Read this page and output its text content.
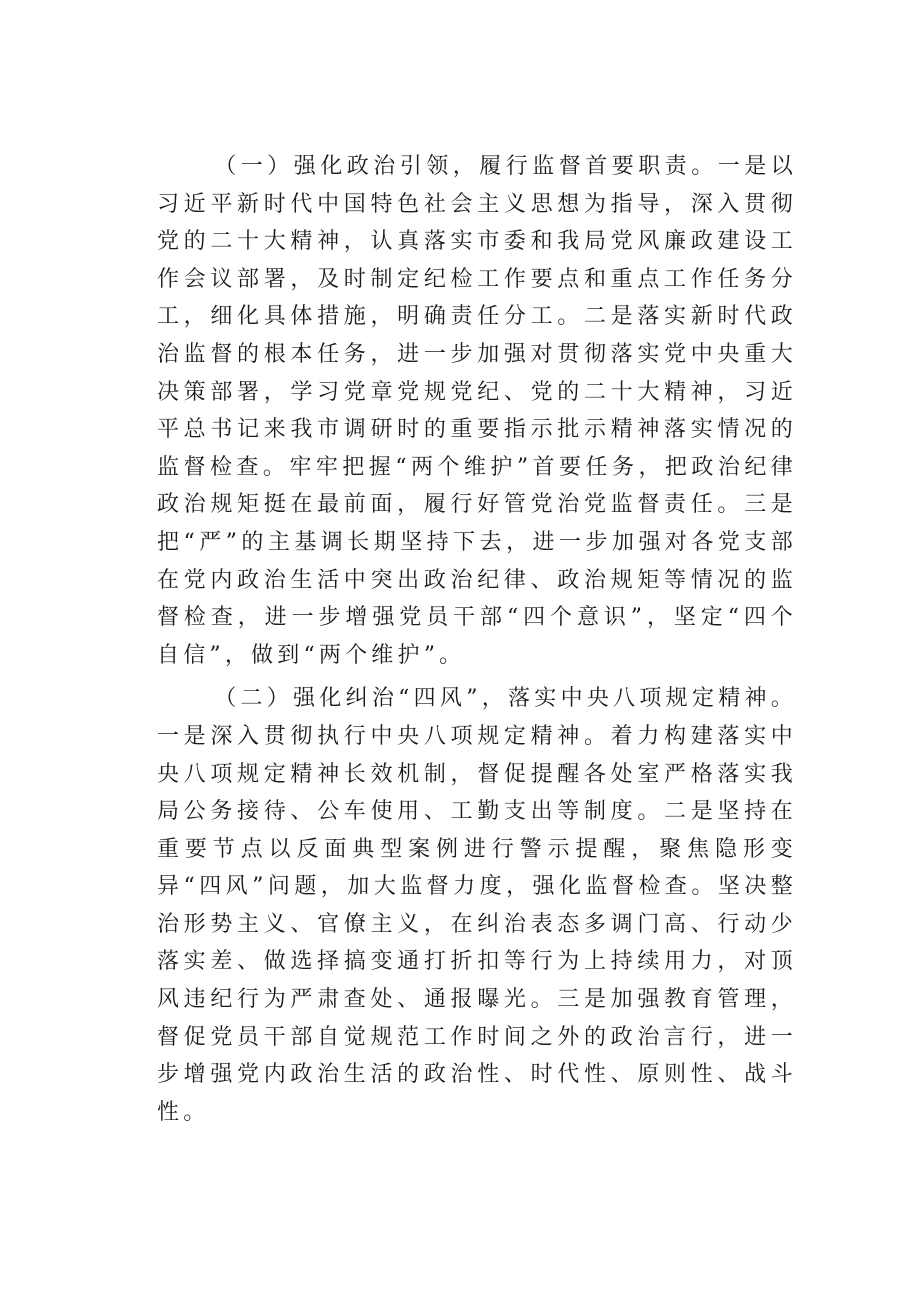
（一）强化政治引领，履行监督首要职责。一是以习近平新时代中国特色社会主义思想为指导，深入贯彻党的二十大精神，认真落实市委和我局党风廉政建设工作会议部署，及时制定纪检工作要点和重点工作任务分工，细化具体措施，明确责任分工。二是落实新时代政治监督的根本任务，进一步加强对贯彻落实党中央重大决策部署，学习党章党规党纪、党的二十大精神，习近平总书记来我市调研时的重要指示批示精神落实情况的监督检查。牢牢把握“两个维护”首要任务，把政治纪律政治规矩挺在最前面，履行好管党治党监督责任。三是把“严”的主基调长期坚持下去，进一步加强对各党支部在党内政治生活中突出政治纪律、政治规矩等情况的监督检查，进一步增强党员干部“四个意识”，坚定“四个自信”，做到“两个维护”。

（二）强化纠治“四风”，落实中央八项规定精神。一是深入贯彻执行中央八项规定精神。着力构建落实中央八项规定精神长效机制，督促提醒各处室严格落实我局公务接待、公车使用、工勤支出等制度。二是坚持在重要节点以反面典型案例进行警示提醒，聚焦隐形变异“四风”问题，加大监督力度，强化监督检查。坚决整治形势主义、官僚主义，在纠治表态多调门高、行动少落实差、做选择搞变通打折扣等行为上持续用力，对顶风违纪行为严肃查处、通报曝光。三是加强教育管理，督促党员干部自觉规范工作时间之外的政治言行，进一步增强党内政治生活的政治性、时代性、原则性、战斗性。
